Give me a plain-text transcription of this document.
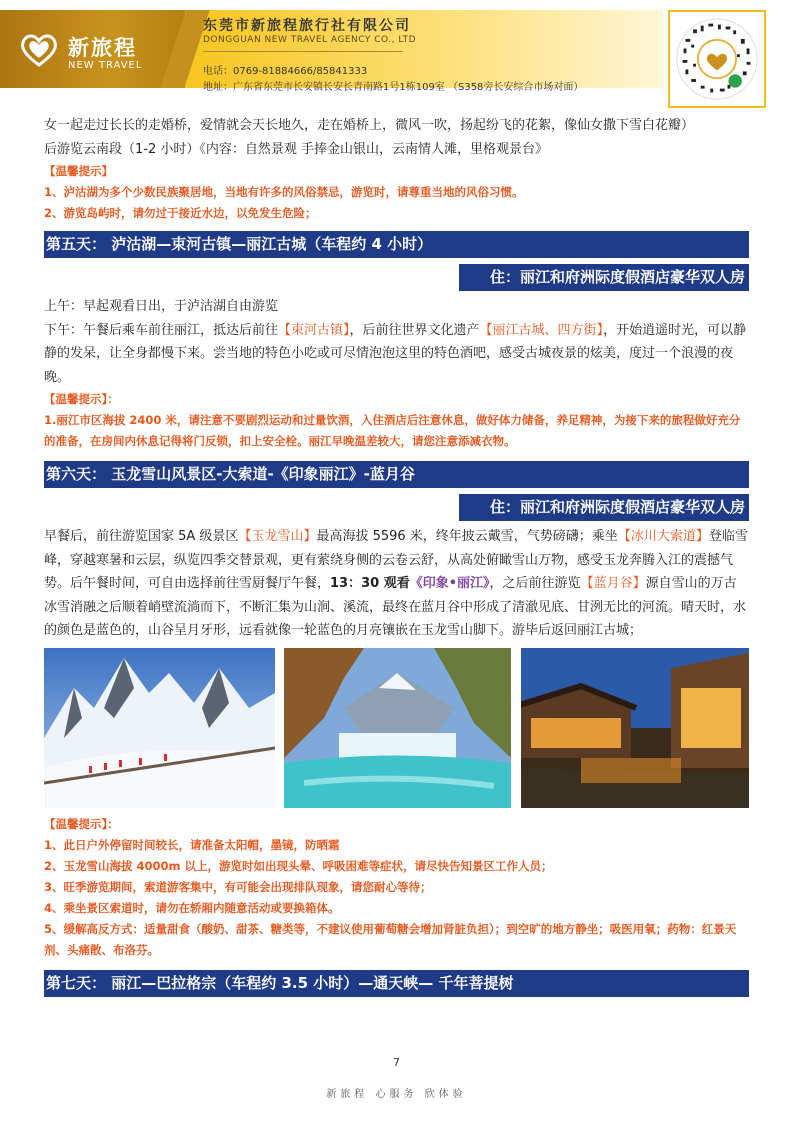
新旅程
NEW TRAVEL
东莞市新旅程旅行社有限公司
DONGGUAN NEW TRAVEL AGENCY CO., LTD
电话：0769-81884666/85841333
地址：广东省东莞市长安镇长安长青南路1号1栋109室 （S358旁长安综合市场对面）

女一起走过长长的走婚桥，爱情就会天长地久，走在婚桥上，微风一吹，扬起纷飞的花絮，像仙女撒下雪白花瓣）

后游览云南段（1-2 小时）《内容：自然景观 手捧金山银山，云南情人滩，里格观景台》

【温馨提示】

1、泸沽湖为多个少数民族聚居地，当地有许多的风俗禁忌，游览时，请尊重当地的风俗习惯。

2、游览岛屿时，请勿过于接近水边，以免发生危险；

第五天： 泸沽湖—束河古镇—丽江古城（车程约 4 小时）
住：丽江和府洲际度假酒店豪华双人房

上午：早起观看日出，于泸沽湖自由游览

下午：午餐后乘车前往丽江，抵达后前往【束河古镇】，后前往世界文化遗产【丽江古城、四方街】，开始逍遥时光，可以静静的发呆，让全身都慢下来。尝当地的特色小吃或可尽情泡泡这里的特色酒吧，感受古城夜景的炫美，度过一个浪漫的夜晚。

【温馨提示】：

1.丽江市区海拔 2400 米，请注意不要剧烈运动和过量饮酒，入住酒店后注意休息，做好体力储备，养足精神，为接下来的旅程做好充分的准备，在房间内休息记得将门反锁，扣上安全栓。丽江早晚温差较大，请您注意添减衣物。

第六天： 玉龙雪山风景区-大索道-《印象丽江》-蓝月谷
住：丽江和府洲际度假酒店豪华双人房

早餐后，前往游览国家 5A 级景区【玉龙雪山】最高海拔 5596 米，终年披云戴雪，气势磅礴；乘坐【冰川大索道】登临雪峰，穿越寒暑和云层，纵览四季交替景观，更有萦绕身侧的云卷云舒，从高处俯瞰雪山万物，感受玉龙奔腾入江的震撼气势。后午餐时间，可自由选择前往雪厨餐厅午餐，13：30 观看《印象•丽江》，之后前往游览【蓝月谷】源自雪山的万古冰雪消融之后顺着峭壁流淌而下，不断汇集为山涧、溪流，最终在蓝月谷中形成了清澈见底、甘洌无比的河流。晴天时，水的颜色是蓝色的，山谷呈月牙形，远看就像一轮蓝色的月亮镶嵌在玉龙雪山脚下。游毕后返回丽江古城；

【温馨提示】：

1、此日户外停留时间较长，请准备太阳帽，墨镜，防晒霜

2、玉龙雪山海拔 4000m 以上，游览时如出现头晕、呼吸困难等症状，请尽快告知景区工作人员；

3、旺季游览期间，索道游客集中，有可能会出现排队现象，请您耐心等待；

4、乘坐景区索道时，请勿在轿厢内随意活动或要换箱体。

5、缓解高反方式：适量甜食（酸奶、甜茶、糖类等，不建议使用葡萄糖会增加肾脏负担）；到空旷的地方静坐；吸医用氧；药物：红景天剂、头痛散、布洛芬。

第七天： 丽江—巴拉格宗（车程约 3.5 小时）—通天峡— 千年菩提树
7
新旅程 心服务 欣体验
